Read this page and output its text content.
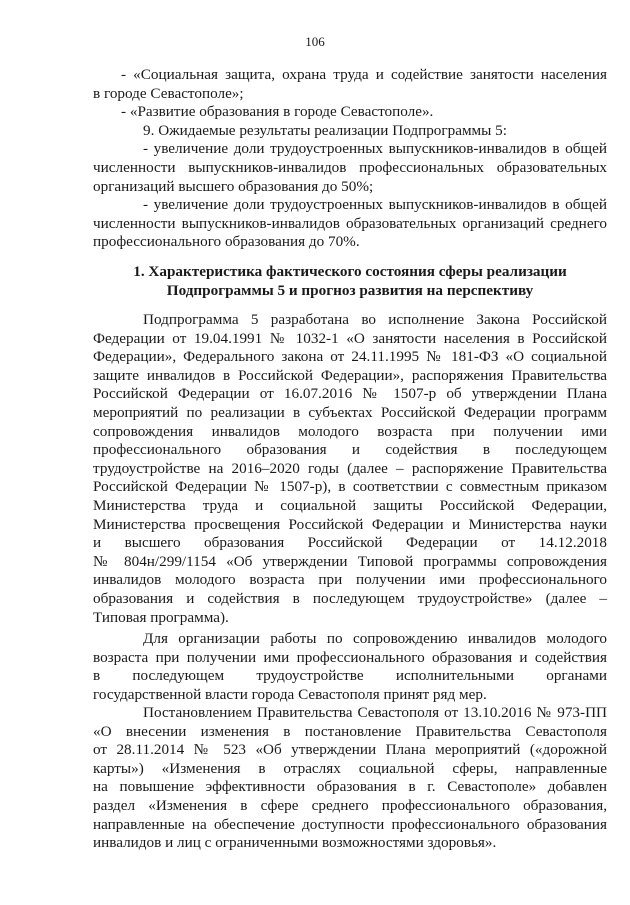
106
- «Социальная защита, охрана труда и содействие занятости населения
в городе Севастополе»;
- «Развитие образования в городе Севастополе».
9. Ожидаемые результаты реализации Подпрограммы 5:
- увеличение доли трудоустроенных выпускников-инвалидов в общей
численности выпускников-инвалидов профессиональных образовательных
организаций высшего образования до 50%;
- увеличение доли трудоустроенных выпускников-инвалидов в общей
численности выпускников-инвалидов образовательных организаций среднего
профессионального образования до 70%.
1. Характеристика фактического состояния сферы реализации
Подпрограммы 5 и прогноз развития на перспективу
Подпрограмма 5 разработана во исполнение Закона Российской
Федерации от 19.04.1991 № 1032-1 «О занятости населения в Российской
Федерации», Федерального закона от 24.11.1995 № 181-ФЗ «О социальной
защите инвалидов в Российской Федерации», распоряжения Правительства
Российской Федерации от 16.07.2016 № 1507-р об утверждении Плана
мероприятий по реализации в субъектах Российской Федерации программ
сопровождения инвалидов молодого возраста при получении ими
профессионального образования и содействия в последующем
трудоустройстве на 2016–2020 годы (далее – распоряжение Правительства
Российской Федерации № 1507-р), в соответствии с совместным приказом
Министерства труда и социальной защиты Российской Федерации,
Министерства просвещения Российской Федерации и Министерства науки
и высшего образования Российской Федерации от 14.12.2018
№ 804н/299/1154 «Об утверждении Типовой программы сопровождения
инвалидов молодого возраста при получении ими профессионального
образования и содействия в последующем трудоустройстве» (далее –
Типовая программа).
Для организации работы по сопровождению инвалидов молодого
возраста при получении ими профессионального образования и содействия
в последующем трудоустройстве исполнительными органами
государственной власти города Севастополя принят ряд мер.
Постановлением Правительства Севастополя от 13.10.2016 № 973-ПП
«О внесении изменения в постановление Правительства Севастополя
от 28.11.2014 № 523 «Об утверждении Плана мероприятий («дорожной
карты») «Изменения в отраслях социальной сферы, направленные
на повышение эффективности образования в г. Севастополе» добавлен
раздел «Изменения в сфере среднего профессионального образования,
направленные на обеспечение доступности профессионального образования
инвалидов и лиц с ограниченными возможностями здоровья».
